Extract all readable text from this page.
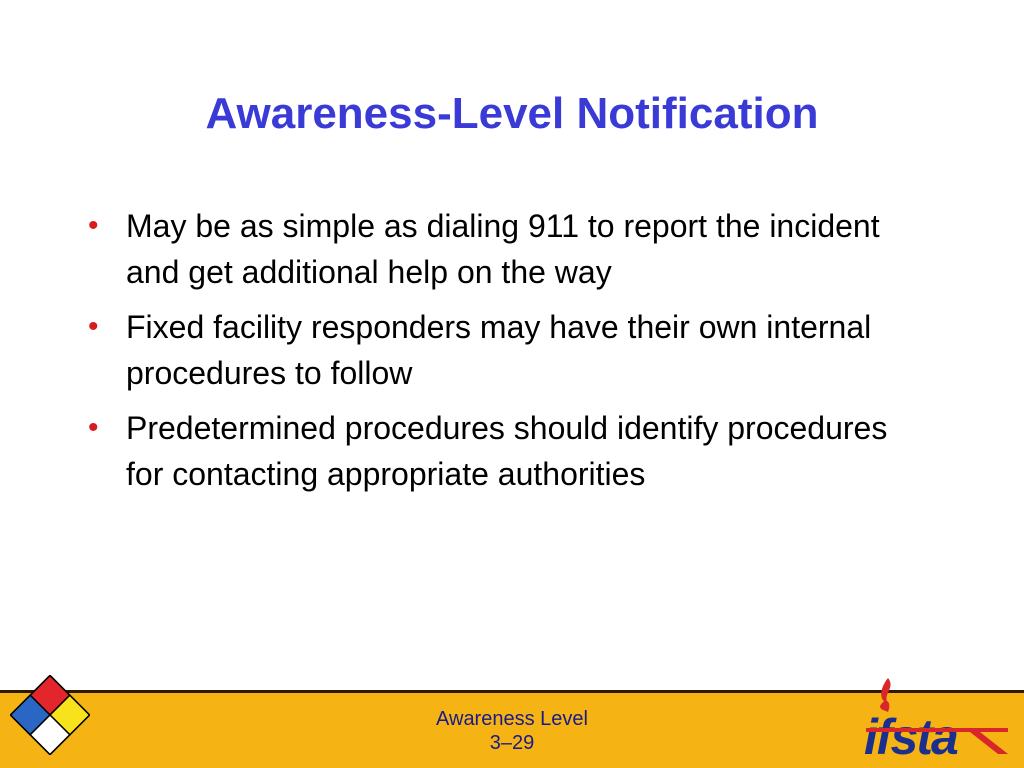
Awareness-Level Notification
• May be as simple as dialing 911 to report the incident and get additional help on the way
• Fixed facility responders may have their own internal procedures to follow
• Predetermined procedures should identify procedures for contacting appropriate authorities
Awareness Level
3–29	ifsta
